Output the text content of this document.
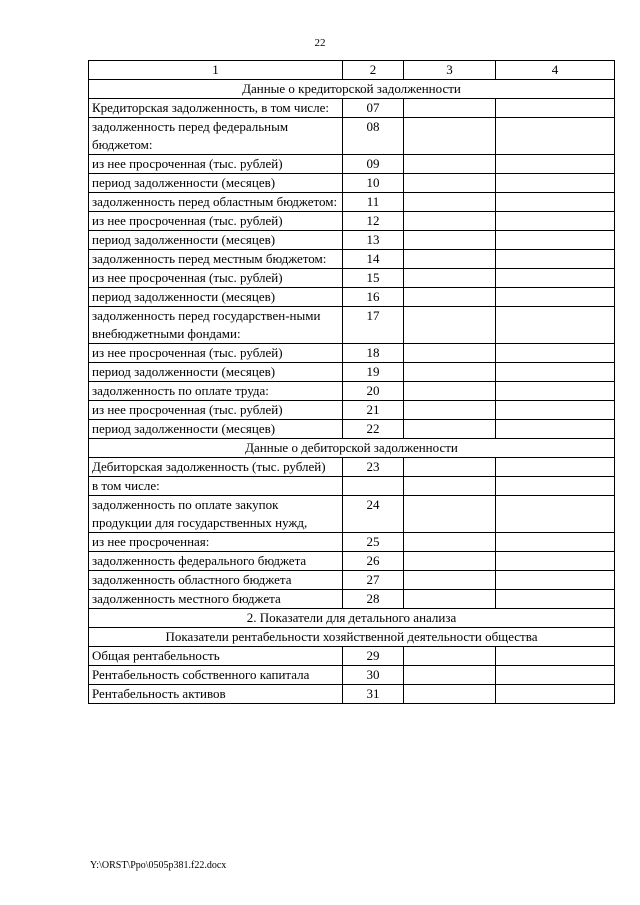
22
1	2	3	4
Данные о кредиторской задолженности			
Кредиторская задолженность, в том числе:	07		
задолженность перед федеральным бюджетом:	08		
из нее просроченная (тыс. рублей)	09		
период задолженности (месяцев)	10		
задолженность перед областным бюджетом:	11		
из нее просроченная (тыс. рублей)	12		
период задолженности (месяцев)	13		
задолженность перед местным бюджетом:	14		
из нее просроченная (тыс. рублей)	15		
период задолженности (месяцев)	16		
задолженность перед государствен-ными внебюджетными фондами:	17		
из нее просроченная (тыс. рублей)	18		
период задолженности (месяцев)	19		
задолженность по оплате труда:	20		
из нее просроченная (тыс. рублей)	21		
период задолженности (месяцев)	22		
Данные о дебиторской задолженности			
Дебиторская задолженность (тыс. рублей)	23		
в том числе:			
задолженность по оплате закупок продукции для государственных нужд,	24		
из нее просроченная:	25		
задолженность федерального бюджета	26		
задолженность областного бюджета	27		
задолженность местного бюджета	28		
2. Показатели для детального анализа			
Показатели рентабельности хозяйственной деятельности общества			
Общая рентабельность	29		
Рентабельность собственного капитала	30		
Рентабельность активов	31		
Y:\ORST\Ppo\0505p381.f22.docx
